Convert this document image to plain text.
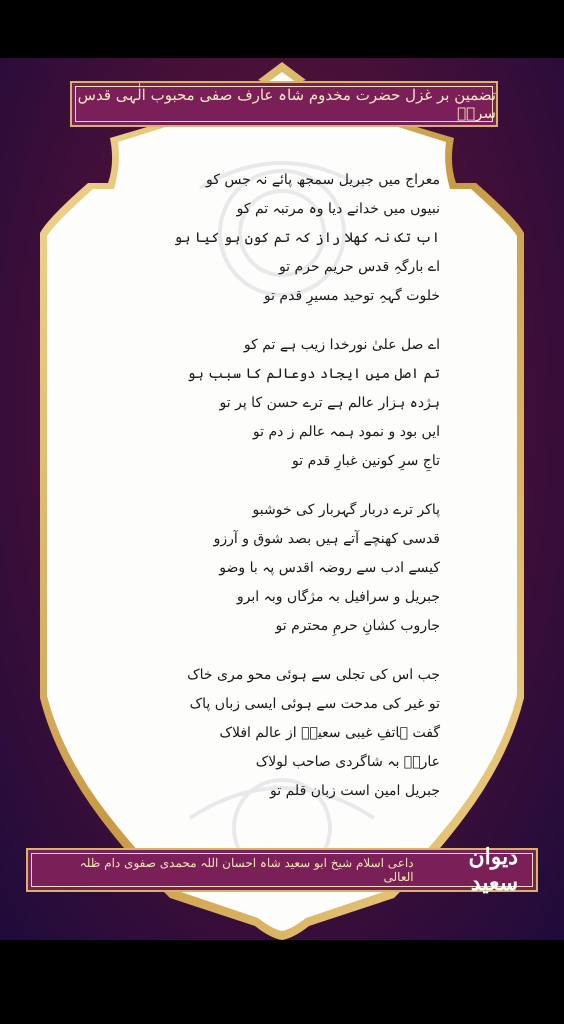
تضمین بر غزل حضرت مخدوم شاہ عارف صفی محبوب الٰہی قدس سرہٗ
معراج میں جبریل سمجھ پائے نہ جس کو
نبیوں میں خدانے دیا وہ مرتبہ تم کو
اب تک نہ کھلا راز کہ تم کون ہو کیا ہو
اے بارگہِ قدس حریم حرم تو
خلوت گہہِ توحید مسیرِ قدم تو
اے صل علیٰ نورخدا زیب ہے تم کو
تم اصل میں ایجاد دوعالم کا سبب ہو
ہژدہ ہزار عالم ہے ترے حسن کا پر تو
ایں بود و نمود ہمہ عالم ز دم تو
تاجِ سرِ کونین غبارِ قدم تو
پاکر ترے دربار گہربار کی خوشبو
قدسی کھنچے آتے ہیں بصد شوق و آرزو
کیسے ادب سے روضہ اقدس پہ با وضو
جبریل و سرافیل بہ مژگاں وبہ ابرو
جاروب کشانِ حرمِ محترم تو
جب اس کی تجلی سے ہوئی محو مری خاک
تو غیر کی مدحت سے ہوئی ایسی زباں پاک
گفت ہاتفِ غیبی سعیدؔ از عالم افلاک
عارفؔ بہ شاگردی صاحب لولاک
جبریل امین است زبان قلم تو
دیوان سعید
داعی اسلام شیخ ابو سعید شاہ احسان اللہ محمدی صفوی دام ظلہ العالی
